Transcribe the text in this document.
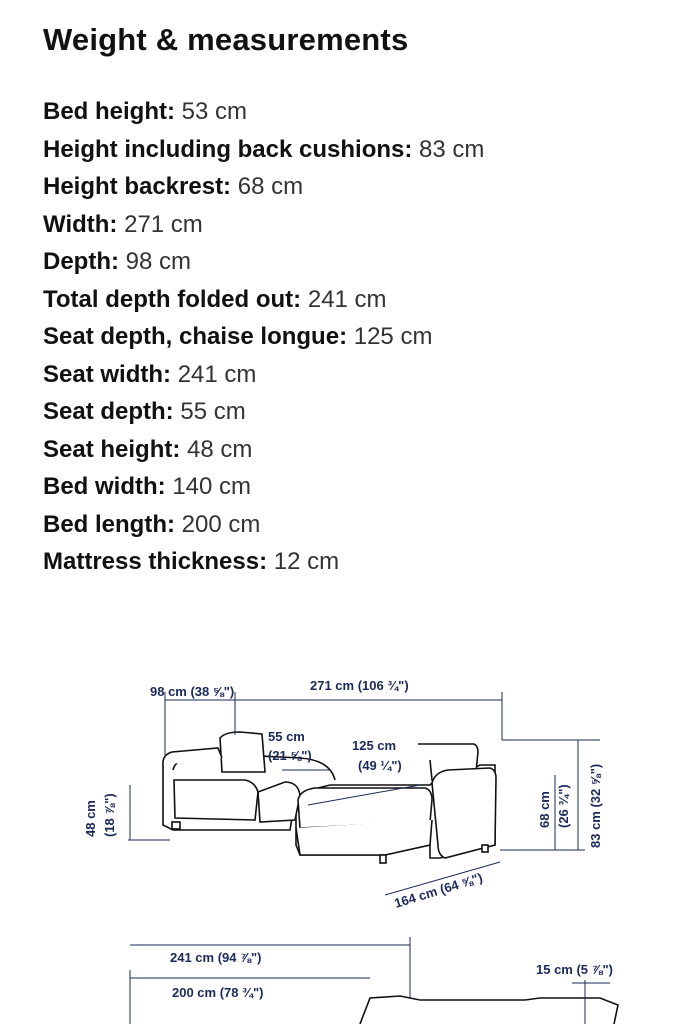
Weight & measurements
Bed height: 53 cm
Height including back cushions: 83 cm
Height backrest: 68 cm
Width: 271 cm
Depth: 98 cm
Total depth folded out: 241 cm
Seat depth, chaise longue: 125 cm
Seat width: 241 cm
Seat depth: 55 cm
Seat height: 48 cm
Bed width: 140 cm
Bed length: 200 cm
Mattress thickness: 12 cm
98 cm (38 ⅝")	271 cm (106 ¾")
55 cm
(21 ⅝")
125 cm
(49 ¼")
48 cm (18 ⅞")	68 cm (26 ¾") 83 cm (32 ⅝")
164 cm (64 ⅝")
241 cm (94 ⅞")
200 cm (78 ¾")
15 cm (5 ⅞")
